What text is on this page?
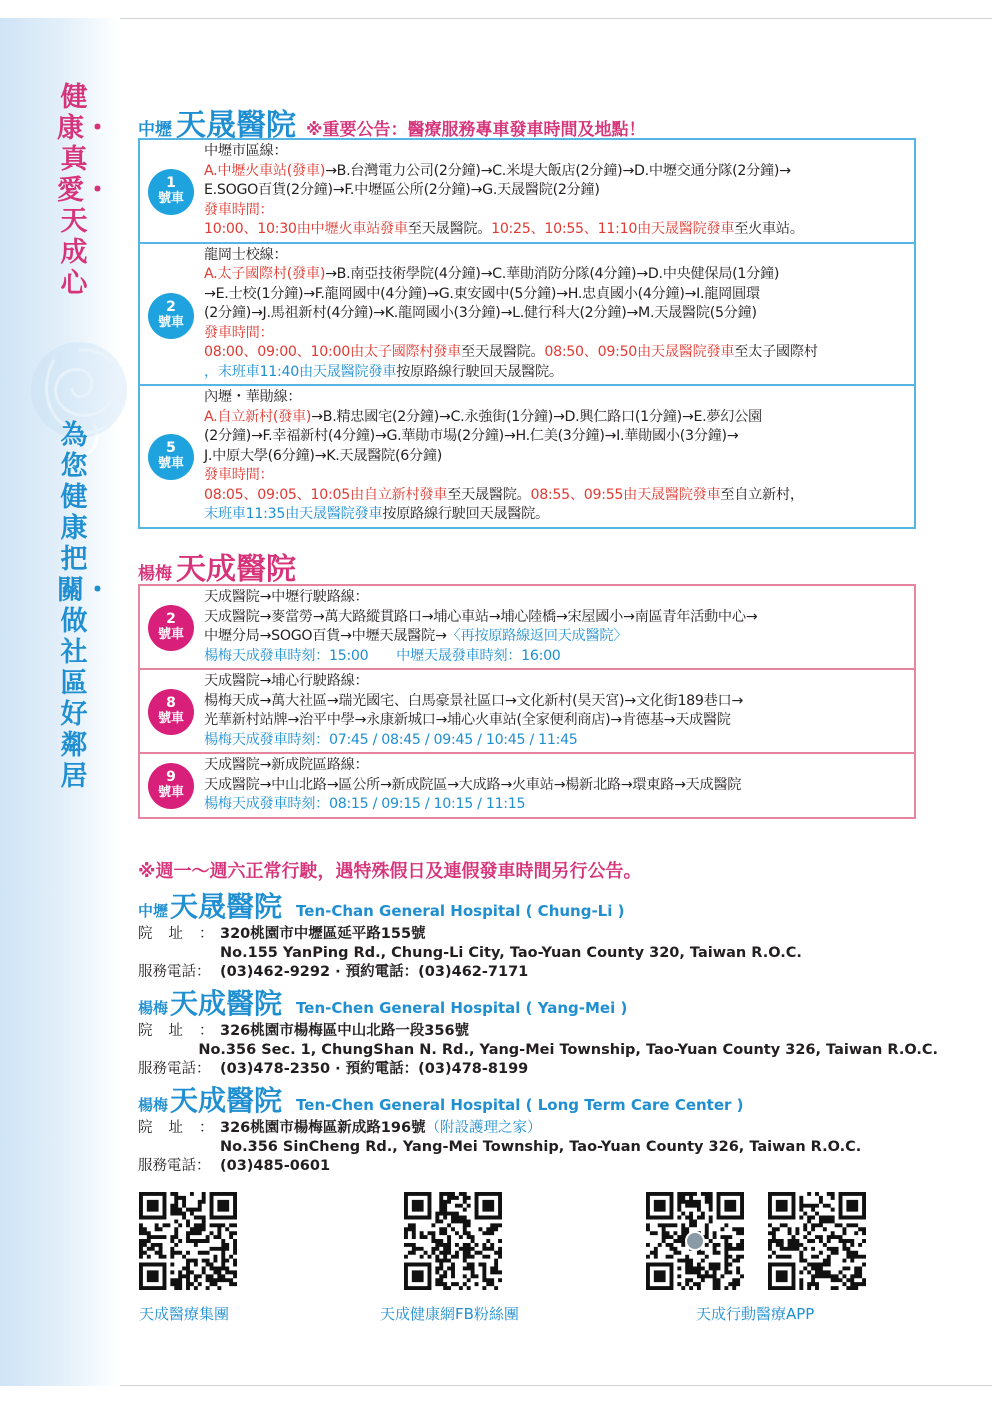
健康・真愛・天成心
為您健康把關・做社區好鄰居
中壢 天晟醫院 ※重要公告：醫療服務專車發車時間及地點！
1
號車
中壢市區線：
A.中壢火車站(發車)→B.台灣電力公司(2分鐘)→C.米堤大飯店(2分鐘)→D.中壢交通分隊(2分鐘)→
E.SOGO百貨(2分鐘)→F.中壢區公所(2分鐘)→G.天晟醫院(2分鐘)
發車時間：
10:00、10:30由中壢火車站發車至天晟醫院。10:25、10:55、11:10由天晟醫院發車至火車站。
2
號車
龍岡士校線：
A.太子國際村(發車)→B.南亞技術學院(4分鐘)→C.華勛消防分隊(4分鐘)→D.中央健保局(1分鐘)
→E.士校(1分鐘)→F.龍岡國中(4分鐘)→G.東安國中(5分鐘)→H.忠貞國小(4分鐘)→I.龍岡圓環
(2分鐘)→J.馬祖新村(4分鐘)→K.龍岡國小(3分鐘)→L.健行科大(2分鐘)→M.天晟醫院(5分鐘)
發車時間：
08:00、09:00、10:00由太子國際村發車至天晟醫院。08:50、09:50由天晟醫院發車至太子國際村
，末班車11:40由天晟醫院發車按原路線行駛回天晟醫院。
5
號車
內壢・華勛線：
A.自立新村(發車)→B.精忠國宅(2分鐘)→C.永強街(1分鐘)→D.興仁路口(1分鐘)→E.夢幻公園
(2分鐘)→F.幸福新村(4分鐘)→G.華勛市場(2分鐘)→H.仁美(3分鐘)→I.華勛國小(3分鐘)→
J.中原大學(6分鐘)→K.天晟醫院(6分鐘)
發車時間：
08:05、09:05、10:05由自立新村發車至天晟醫院。08:55、09:55由天晟醫院發車至自立新村，
末班車11:35由天晟醫院發車按原路線行駛回天晟醫院。
楊梅 天成醫院
2
號車
天成醫院→中壢行駛路線：
天成醫院→麥當勞→萬大路縱貫路口→埔心車站→埔心陸橋→宋屋國小→南區青年活動中心→
中壢分局→SOGO百貨→中壢天晟醫院→〈再按原路線返回天成醫院〉
楊梅天成發車時刻：15:00　　中壢天晟發車時刻：16:00
8
號車
天成醫院→埔心行駛路線：
楊梅天成→萬大社區→瑞光國宅、白馬豪景社區口→文化新村(昊天宮)→文化街189巷口→
光華新村站牌→治平中學→永康新城口→埔心火車站(全家便利商店)→肯德基→天成醫院
楊梅天成發車時刻：07:45 / 08:45 / 09:45 / 10:45 / 11:45
9
號車
天成醫院→新成院區路線：
天成醫院→中山北路→區公所→新成院區→大成路→火車站→楊新北路→環東路→天成醫院
楊梅天成發車時刻：08:15 / 09:15 / 10:15 / 11:15
※週一～週六正常行駛，遇特殊假日及連假發車時間另行公告。
中壢 天晟醫院 Ten-Chan General Hospital ( Chung-Li )
院址：
320桃園市中壢區延平路155號
No.155 YanPing Rd., Chung-Li City, Tao-Yuan County 320, Taiwan R.O.C.
服務電話： (03)462-9292 · 預約電話：(03)462-7171
楊梅 天成醫院 Ten-Chen General Hospital ( Yang-Mei )
院址：
326桃園市楊梅區中山北路一段356號
No.356 Sec. 1, ChungShan N. Rd., Yang-Mei Township, Tao-Yuan County 326, Taiwan R.O.C.
服務電話： (03)478-2350 · 預約電話：(03)478-8199
楊梅 天成醫院 Ten-Chen General Hospital ( Long Term Care Center )
院址：
326桃園市楊梅區新成路196號（附設護理之家）
No.356 SinCheng Rd., Yang-Mei Township, Tao-Yuan County 326, Taiwan R.O.C.
服務電話： (03)485-0601
天成醫療集團	天成健康網FB粉絲團	天成行動醫療APP
